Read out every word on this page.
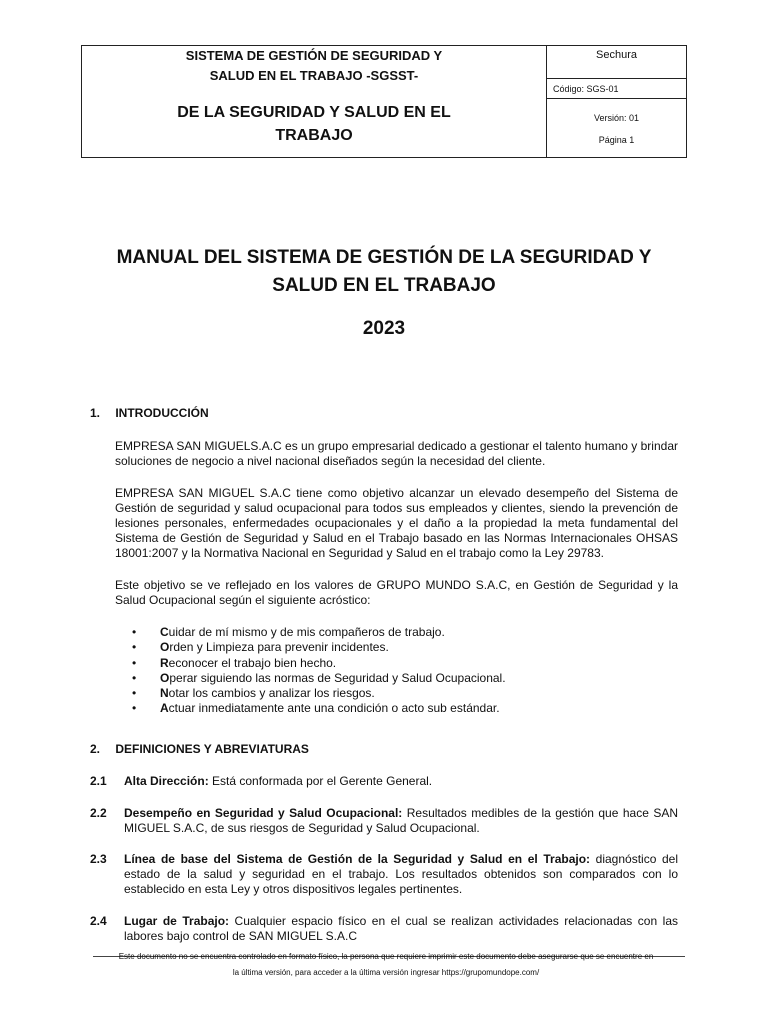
SISTEMA DE GESTIÓN DE SEGURIDAD Y
SALUD EN EL TRABAJO -SGSST-
DE LA SEGURIDAD Y SALUD EN EL
TRABAJO
Sechura
Código: SGS-01
Versión: 01
Página 1
MANUAL DEL SISTEMA DE GESTIÓN DE LA SEGURIDAD Y
SALUD EN EL TRABAJO
2023
1. INTRODUCCIÓN
EMPRESA SAN MIGUELS.A.C es un grupo empresarial dedicado a gestionar el talento humano y brindar soluciones de negocio a nivel nacional diseñados según la necesidad del cliente.
EMPRESA SAN MIGUEL S.A.C tiene como objetivo alcanzar un elevado desempeño del Sistema de Gestión de seguridad y salud ocupacional para todos sus empleados y clientes, siendo la prevención de lesiones personales, enfermedades ocupacionales y el daño a la propiedad la meta fundamental del Sistema de Gestión de Seguridad y Salud en el Trabajo basado en las Normas Internacionales OHSAS 18001:2007 y la Normativa Nacional en Seguridad y Salud en el trabajo como la Ley 29783.
Este objetivo se ve reflejado en los valores de GRUPO MUNDO S.A.C, en Gestión de Seguridad y la Salud Ocupacional según el siguiente acróstico:
• Cuidar de mí mismo y de mis compañeros de trabajo.
• Orden y Limpieza para prevenir incidentes.
• Reconocer el trabajo bien hecho.
• Operar siguiendo las normas de Seguridad y Salud Ocupacional.
• Notar los cambios y analizar los riesgos.
• Actuar inmediatamente ante una condición o acto sub estándar.
2. DEFINICIONES Y ABREVIATURAS
2.1 Alta Dirección: Está conformada por el Gerente General.
2.2 Desempeño en Seguridad y Salud Ocupacional: Resultados medibles de la gestión que hace SAN MIGUEL S.A.C, de sus riesgos de Seguridad y Salud Ocupacional.
2.3 Línea de base del Sistema de Gestión de la Seguridad y Salud en el Trabajo: diagnóstico del estado de la salud y seguridad en el trabajo. Los resultados obtenidos son comparados con lo establecido en esta Ley y otros dispositivos legales pertinentes.
2.4 Lugar de Trabajo: Cualquier espacio físico en el cual se realizan actividades relacionadas con las labores bajo control de SAN MIGUEL S.A.C
Este documento no se encuentra controlado en formato físico, la persona que requiere imprimir este documento debe asegurarse que se encuentre en
la última versión, para acceder a la última versión ingresar https://grupomundope.com/
